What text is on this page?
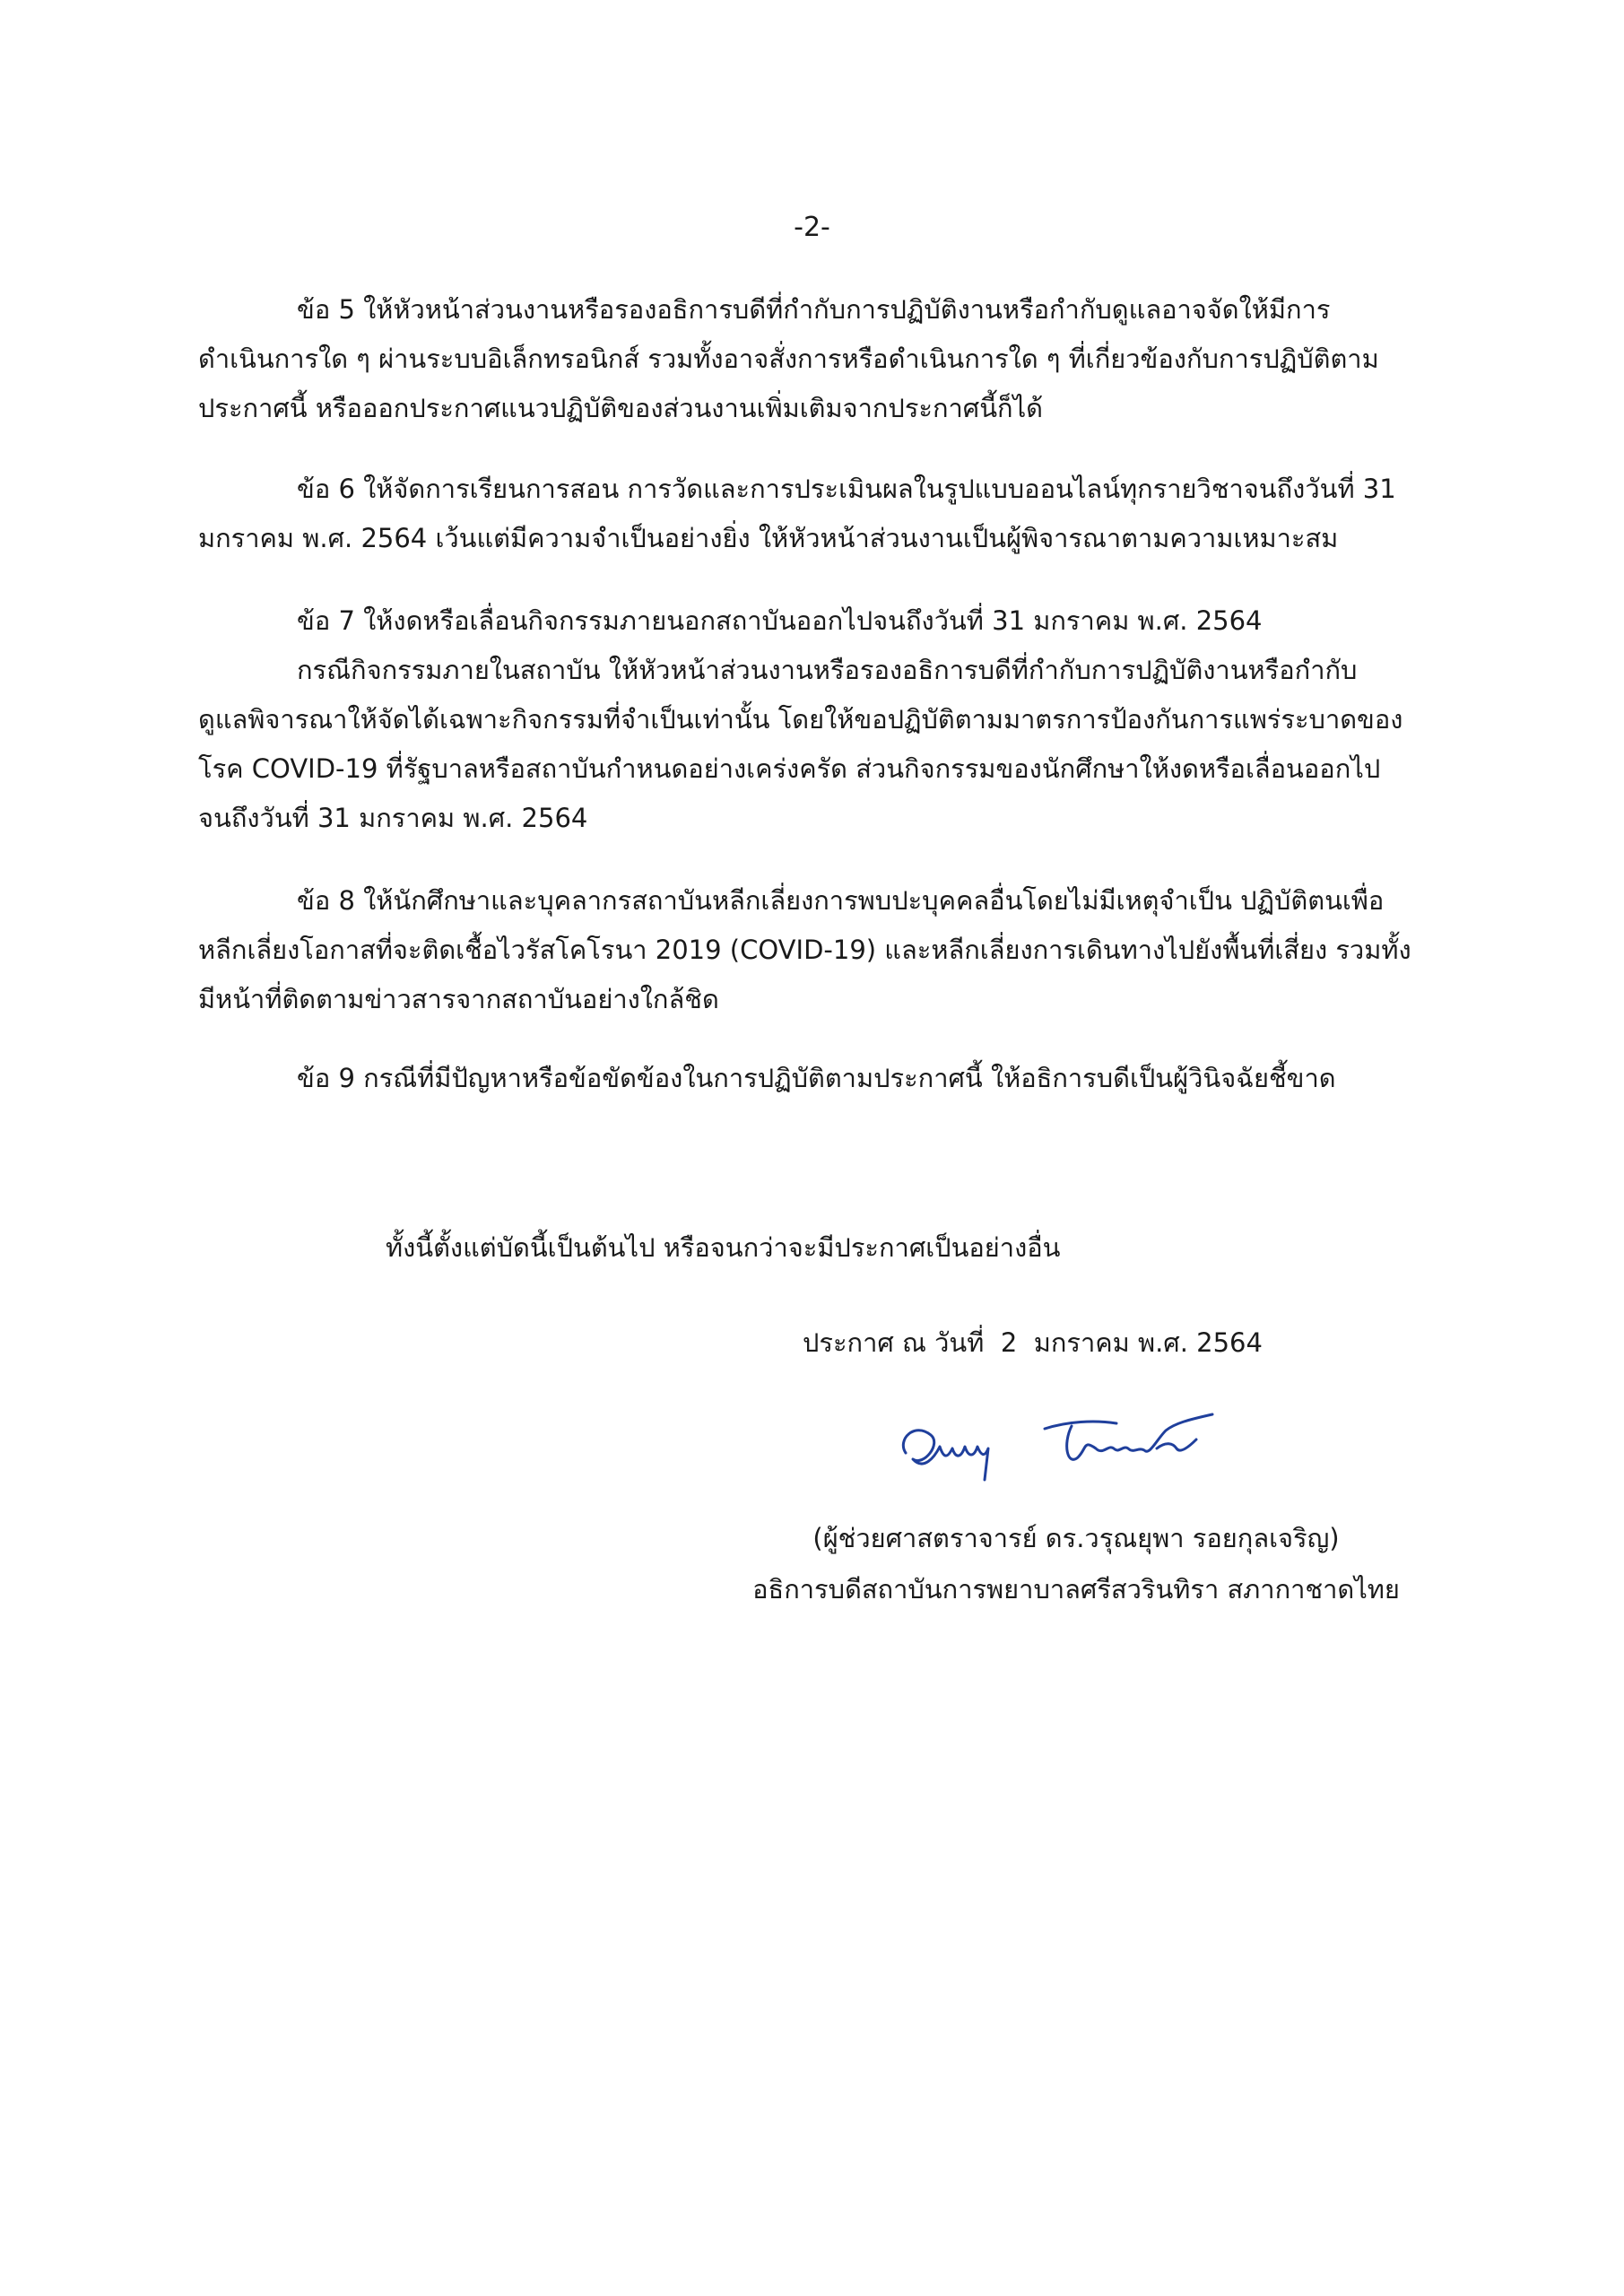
-2-

ข้อ 5 ให้หัวหน้าส่วนงานหรือรองอธิการบดีที่กำกับการปฏิบัติงานหรือกำกับดูแลอาจจัดให้มีการ

ดำเนินการใด ๆ ผ่านระบบอิเล็กทรอนิกส์ รวมทั้งอาจสั่งการหรือดำเนินการใด ๆ ที่เกี่ยวข้องกับการปฏิบัติตาม

ประกาศนี้ หรือออกประกาศแนวปฏิบัติของส่วนงานเพิ่มเติมจากประกาศนี้ก็ได้

ข้อ 6 ให้จัดการเรียนการสอน การวัดและการประเมินผลในรูปแบบออนไลน์ทุกรายวิชาจนถึงวันที่ 31

มกราคม พ.ศ. 2564 เว้นแต่มีความจำเป็นอย่างยิ่ง ให้หัวหน้าส่วนงานเป็นผู้พิจารณาตามความเหมาะสม

ข้อ 7 ให้งดหรือเลื่อนกิจกรรมภายนอกสถาบันออกไปจนถึงวันที่ 31 มกราคม พ.ศ. 2564

กรณีกิจกรรมภายในสถาบัน ให้หัวหน้าส่วนงานหรือรองอธิการบดีที่กำกับการปฏิบัติงานหรือกำกับ

ดูแลพิจารณาให้จัดได้เฉพาะกิจกรรมที่จำเป็นเท่านั้น โดยให้ขอปฏิบัติตามมาตรการป้องกันการแพร่ระบาดของ

โรค COVID-19 ที่รัฐบาลหรือสถาบันกำหนดอย่างเคร่งครัด ส่วนกิจกรรมของนักศึกษาให้งดหรือเลื่อนออกไป

จนถึงวันที่ 31 มกราคม พ.ศ. 2564

ข้อ 8 ให้นักศึกษาและบุคลากรสถาบันหลีกเลี่ยงการพบปะบุคคลอื่นโดยไม่มีเหตุจำเป็น ปฏิบัติตนเพื่อ

หลีกเลี่ยงโอกาสที่จะติดเชื้อไวรัสโคโรนา 2019 (COVID-19) และหลีกเลี่ยงการเดินทางไปยังพื้นที่เสี่ยง รวมทั้ง

มีหน้าที่ติดตามข่าวสารจากสถาบันอย่างใกล้ชิด

ข้อ 9 กรณีที่มีปัญหาหรือข้อขัดข้องในการปฏิบัติตามประกาศนี้ ให้อธิการบดีเป็นผู้วินิจฉัยชี้ขาด

ทั้งนี้ตั้งแต่บัดนี้เป็นต้นไป หรือจนกว่าจะมีประกาศเป็นอย่างอื่น
ประกาศ ณ วันที่  2  มกราคม พ.ศ. 2564
(ผู้ช่วยศาสตราจารย์ ดร.วรุณยุพา รอยกุลเจริญ)
อธิการบดีสถาบันการพยาบาลศรีสวรินทิรา สภากาชาดไทย
